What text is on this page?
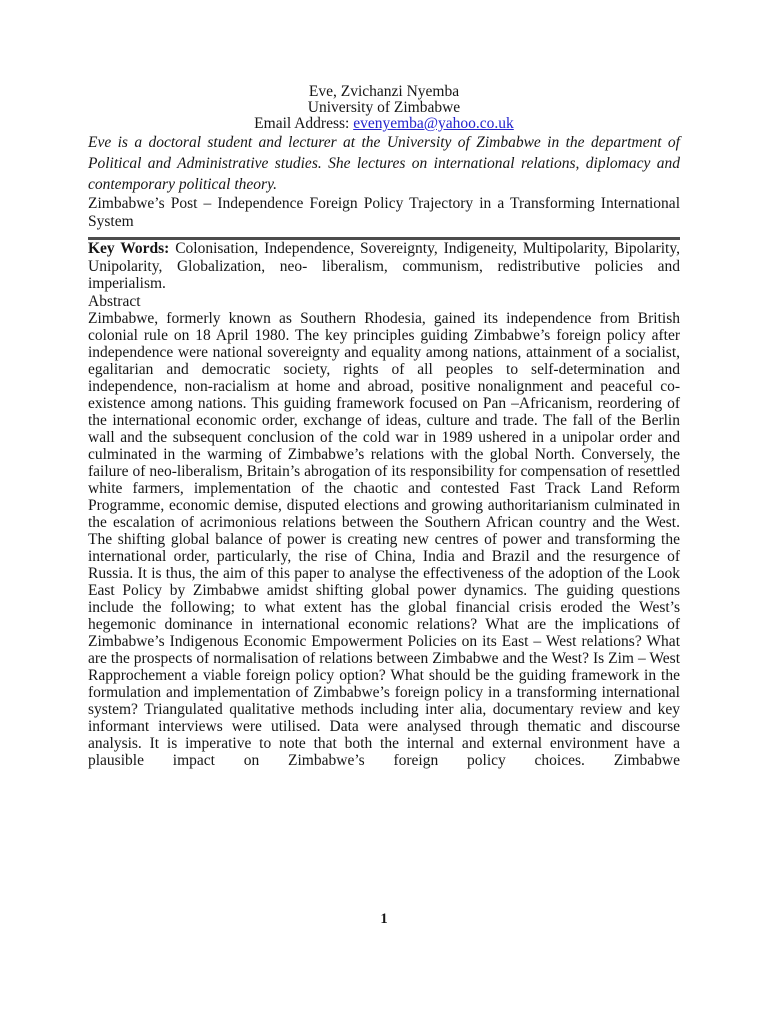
Eve, Zvichanzi Nyemba

University of Zimbabwe

Email Address: evenyemba@yahoo.co.uk

Eve is a doctoral student and lecturer at the University of Zimbabwe in the department of Political and Administrative studies. She lectures on international relations, diplomacy and contemporary political theory.

Zimbabwe’s Post – Independence Foreign Policy Trajectory in a Transforming International System

Key Words: Colonisation, Independence, Sovereignty, Indigeneity, Multipolarity, Bipolarity, Unipolarity, Globalization, neo- liberalism, communism, redistributive policies and imperialism.

Abstract

Zimbabwe, formerly known as Southern Rhodesia, gained its independence from British colonial rule on 18 April 1980. The key principles guiding Zimbabwe’s foreign policy after independence were national sovereignty and equality among nations, attainment of a socialist, egalitarian and democratic society, rights of all peoples to self-determination and independence, non-racialism at home and abroad, positive nonalignment and peaceful co-existence among nations. This guiding framework focused on Pan –Africanism, reordering of the international economic order, exchange of ideas, culture and trade. The fall of the Berlin wall and the subsequent conclusion of the cold war in 1989 ushered in a unipolar order and culminated in the warming of Zimbabwe’s relations with the global North. Conversely, the failure of neo-liberalism, Britain’s abrogation of its responsibility for compensation of resettled white farmers, implementation of the chaotic and contested Fast Track Land Reform Programme, economic demise, disputed elections and growing authoritarianism culminated in the escalation of acrimonious relations between the Southern African country and the West. The shifting global balance of power is creating new centres of power and transforming the international order, particularly, the rise of China, India and Brazil and the resurgence of Russia. It is thus, the aim of this paper to analyse the effectiveness of the adoption of the Look East Policy by Zimbabwe amidst shifting global power dynamics. The guiding questions include the following; to what extent has the global financial crisis eroded the West’s hegemonic dominance in international economic relations? What are the implications of Zimbabwe’s Indigenous Economic Empowerment Policies on its East – West relations? What are the prospects of normalisation of relations between Zimbabwe and the West? Is Zim – West Rapprochement a viable foreign policy option? What should be the guiding framework in the formulation and implementation of Zimbabwe’s foreign policy in a transforming international system? Triangulated qualitative methods including inter alia, documentary review and key informant interviews were utilised. Data were analysed through thematic and discourse analysis. It is imperative to note that both the internal and external environment have a plausible impact on Zimbabwe’s foreign policy choices. Zimbabwe

1
